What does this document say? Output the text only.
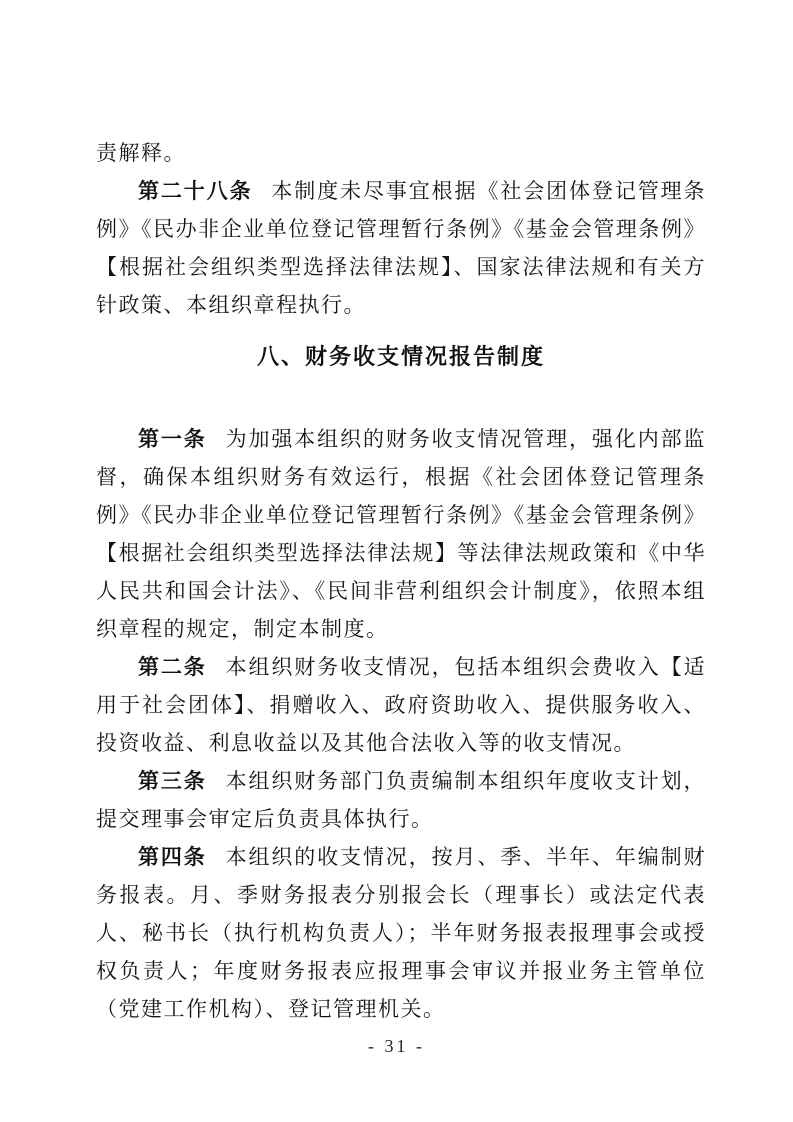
责解释。

第二十八条 本制度未尽事宜根据《社会团体登记管理条例》《民办非企业单位登记管理暂行条例》《基金会管理条例》【根据社会组织类型选择法律法规】、国家法律法规和有关方针政策、本组织章程执行。

八、财务收支情况报告制度

第一条 为加强本组织的财务收支情况管理，强化内部监督，确保本组织财务有效运行，根据《社会团体登记管理条例》《民办非企业单位登记管理暂行条例》《基金会管理条例》【根据社会组织类型选择法律法规】等法律法规政策和《中华人民共和国会计法》、《民间非营利组织会计制度》，依照本组织章程的规定，制定本制度。

第二条 本组织财务收支情况，包括本组织会费收入【适用于社会团体】、捐赠收入、政府资助收入、提供服务收入、投资收益、利息收益以及其他合法收入等的收支情况。

第三条 本组织财务部门负责编制本组织年度收支计划，提交理事会审定后负责具体执行。

第四条 本组织的收支情况，按月、季、半年、年编制财务报表。月、季财务报表分别报会长（理事长）或法定代表人、秘书长（执行机构负责人）；半年财务报表报理事会或授权负责人；年度财务报表应报理事会审议并报业务主管单位（党建工作机构）、登记管理机关。

- 31 -
